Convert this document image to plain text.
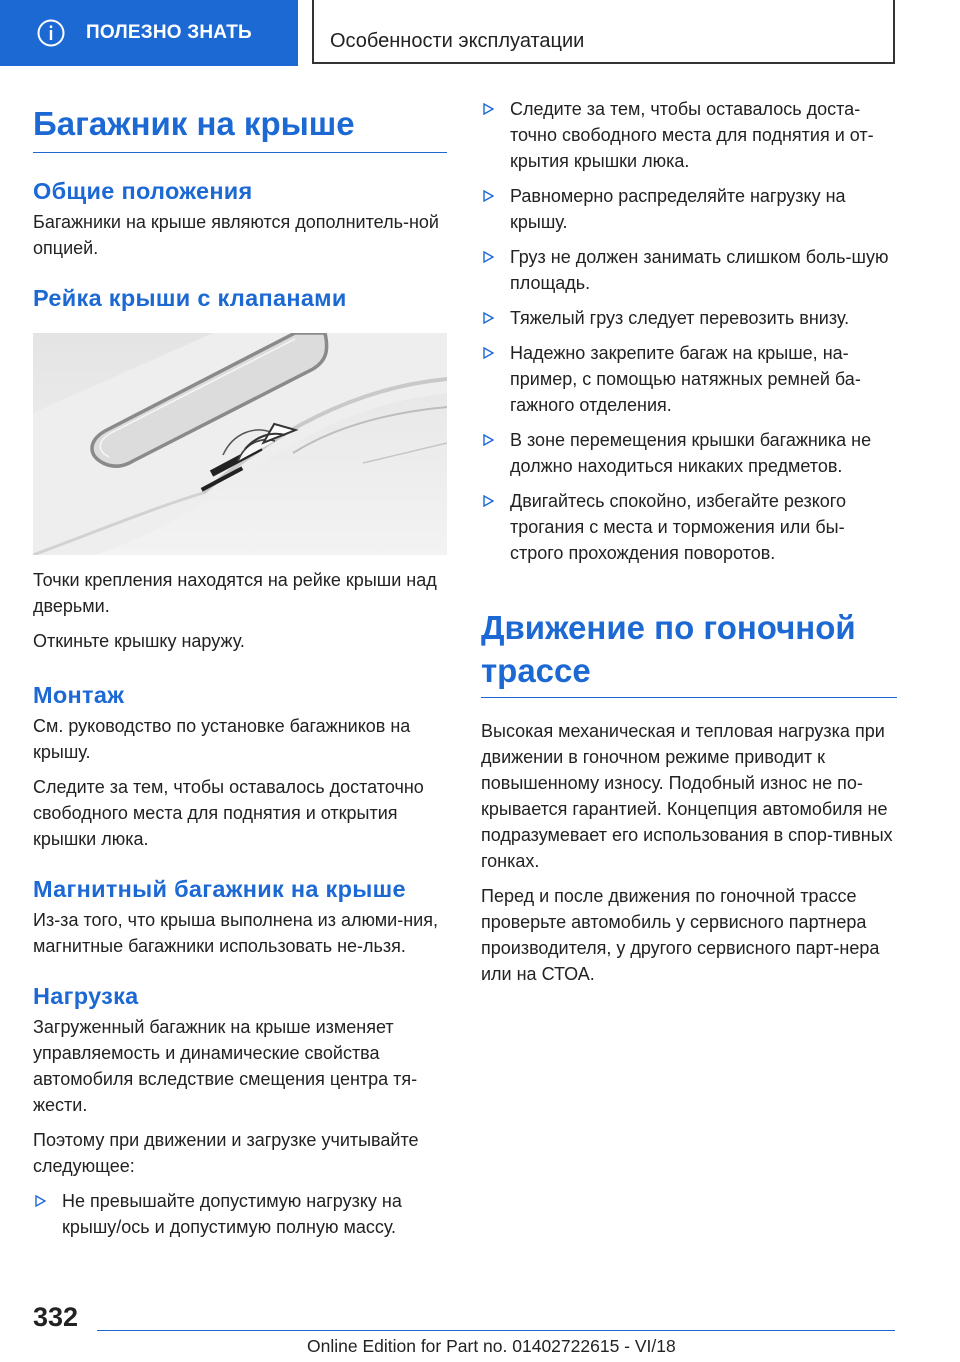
ПОЛЕЗНО ЗНАТЬ	Особенности эксплуатации
Багажник на крыше
Общие положения

Багажники на крыше являются дополнитель-ной опцией.

Рейка крыши с клапанами

Точки крепления находятся на рейке крыши над дверьми.

Откиньте крышку наружу.

Монтаж

См. руководство по установке багажников на крышу.

Следите за тем, чтобы оставалось достаточно свободного места для поднятия и открытия крышки люка.

Магнитный багажник на крыше

Из-за того, что крыша выполнена из алюми-ния, магнитные багажники использовать не-льзя.

Нагрузка

Загруженный багажник на крыше изменяет управляемость и динамические свойства автомобиля вследствие смещения центра тя-жести.

Поэтому при движении и загрузке учитывайте следующее:

Не превышайте допустимую нагрузку на крышу/ось и допустимую полную массу.
Следите за тем, чтобы оставалось доста-точно свободного места для поднятия и от-крытия крышки люка.
Равномерно распределяйте нагрузку на крышу.
Груз не должен занимать слишком боль-шую площадь.
Тяжелый груз следует перевозить внизу.
Надежно закрепите багаж на крыше, на-пример, с помощью натяжных ремней ба-гажного отделения.
В зоне перемещения крышки багажника не должно находиться никаких предметов.
Двигайтесь спокойно, избегайте резкого трогания с места и торможения или бы-строго прохождения поворотов.
Движение по гоночной
трассе

Высокая механическая и тепловая нагрузка при движении в гоночном режиме приводит к повышенному износу. Подобный износ не по-крывается гарантией. Концепция автомобиля не подразумевает его использования в спор-тивных гонках.

Перед и после движения по гоночной трассе проверьте автомобиль у сервисного партнера производителя, у другого сервисного парт-нера или на СТОА.

332
Online Edition for Part no. 01402722615 - VI/18
